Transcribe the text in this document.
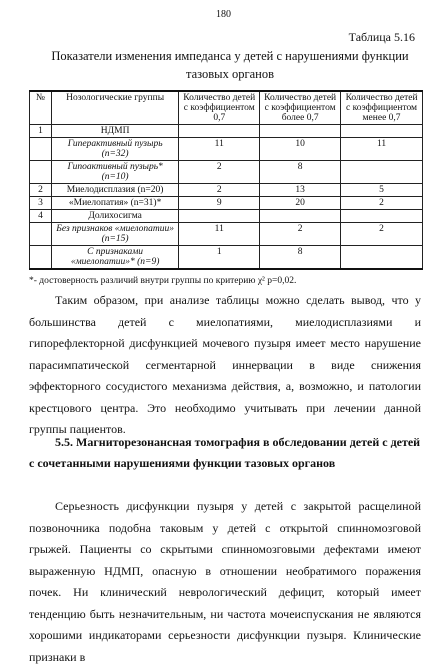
180
Таблица 5.16
Показатели изменения импеданса у детей с нарушениями функции тазовых органов
№	Нозологические группы	Количество детей с коэффициентом 0,7	Количество детей с коэффициентом более 0,7	Количество детей с коэффициентом менее 0,7
1	НДМП			
	Гиперактивный пузырь (n=32)	11	10	11
	Гипоактивный пузырь* (n=10)	2	8	
2	Миелодисплазия (n=20)	2	13	5
3	«Миелопатия» (n=31)*	9	20	2
4	Долихосигма			
	Без признаков «миелопатии» (n=15)	11	2	2
	С признаками «миелопатии»* (n=9)	1	8	
*- достоверность различий внутри группы по критерию χ² p=0,02.
Таким образом, при анализе таблицы можно сделать вывод, что у большинства детей с миелопатиями, миелодисплазиями и гипорефлекторной дисфункцией мочевого пузыря имеет место нарушение парасимпатической сегментарной иннервации в виде снижения эффекторного сосудистого механизма действия, а, возможно, и патологии крестцового центра. Это необходимо учитывать при лечении данной группы пациентов.
5.5. Магниторезонансная томография в обследовании детей с детей с сочетанными нарушениями функции тазовых органов
Серьезность дисфункции пузыря у детей с закрытой расщелиной позвоночника подобна таковым у детей с открытой спинномозговой грыжей. Пациенты со скрытыми спинномозговыми дефектами имеют выраженную НДМП, опасную в отношении необратимого поражения почек. Ни клинический неврологический дефицит, который имеет тенденцию быть незначительным, ни частота мочеиспускания не являются хорошими индикаторами серьезности дисфункции пузыря. Клинические признаки в
